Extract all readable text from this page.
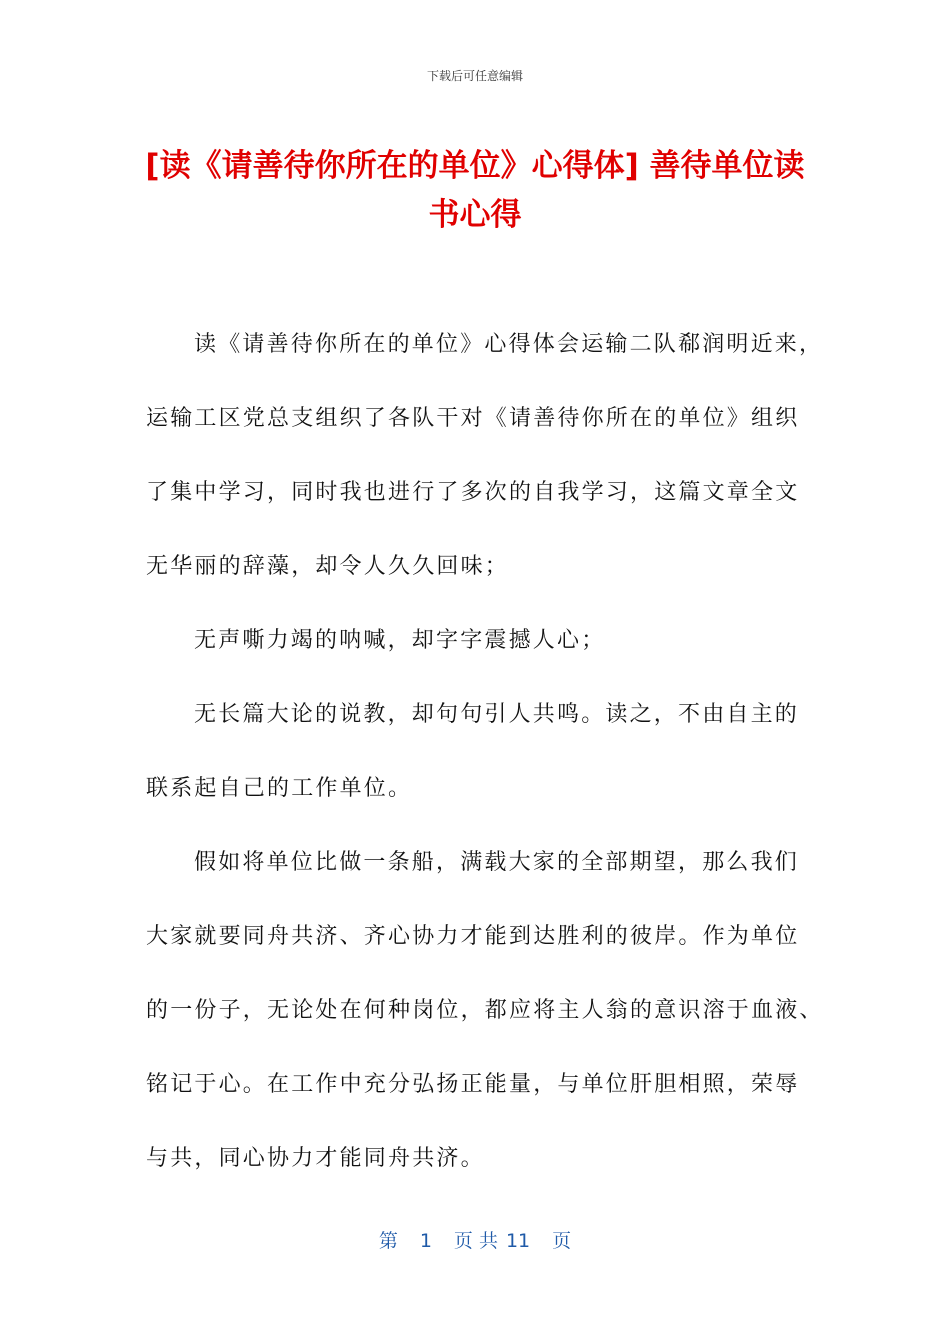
下载后可任意编辑
[读《请善待你所在的单位》心得体] 善待单位读书心得
读《请善待你所在的单位》心得体会运输二队郗润明近来，
运输工区党总支组织了各队干对《请善待你所在的单位》组织
了集中学习，同时我也进行了多次的自我学习，这篇文章全文
无华丽的辞藻，却令人久久回味；
无声嘶力竭的呐喊，却字字震撼人心；
无长篇大论的说教，却句句引人共鸣。读之，不由自主的
联系起自己的工作单位。
假如将单位比做一条船，满载大家的全部期望，那么我们
大家就要同舟共济、齐心协力才能到达胜利的彼岸。作为单位
的一份子，无论处在何种岗位，都应将主人翁的意识溶于血液、
铭记于心。在工作中充分弘扬正能量，与单位肝胆相照，荣辱
与共，同心协力才能同舟共济。
第 1 页 共 11 页
